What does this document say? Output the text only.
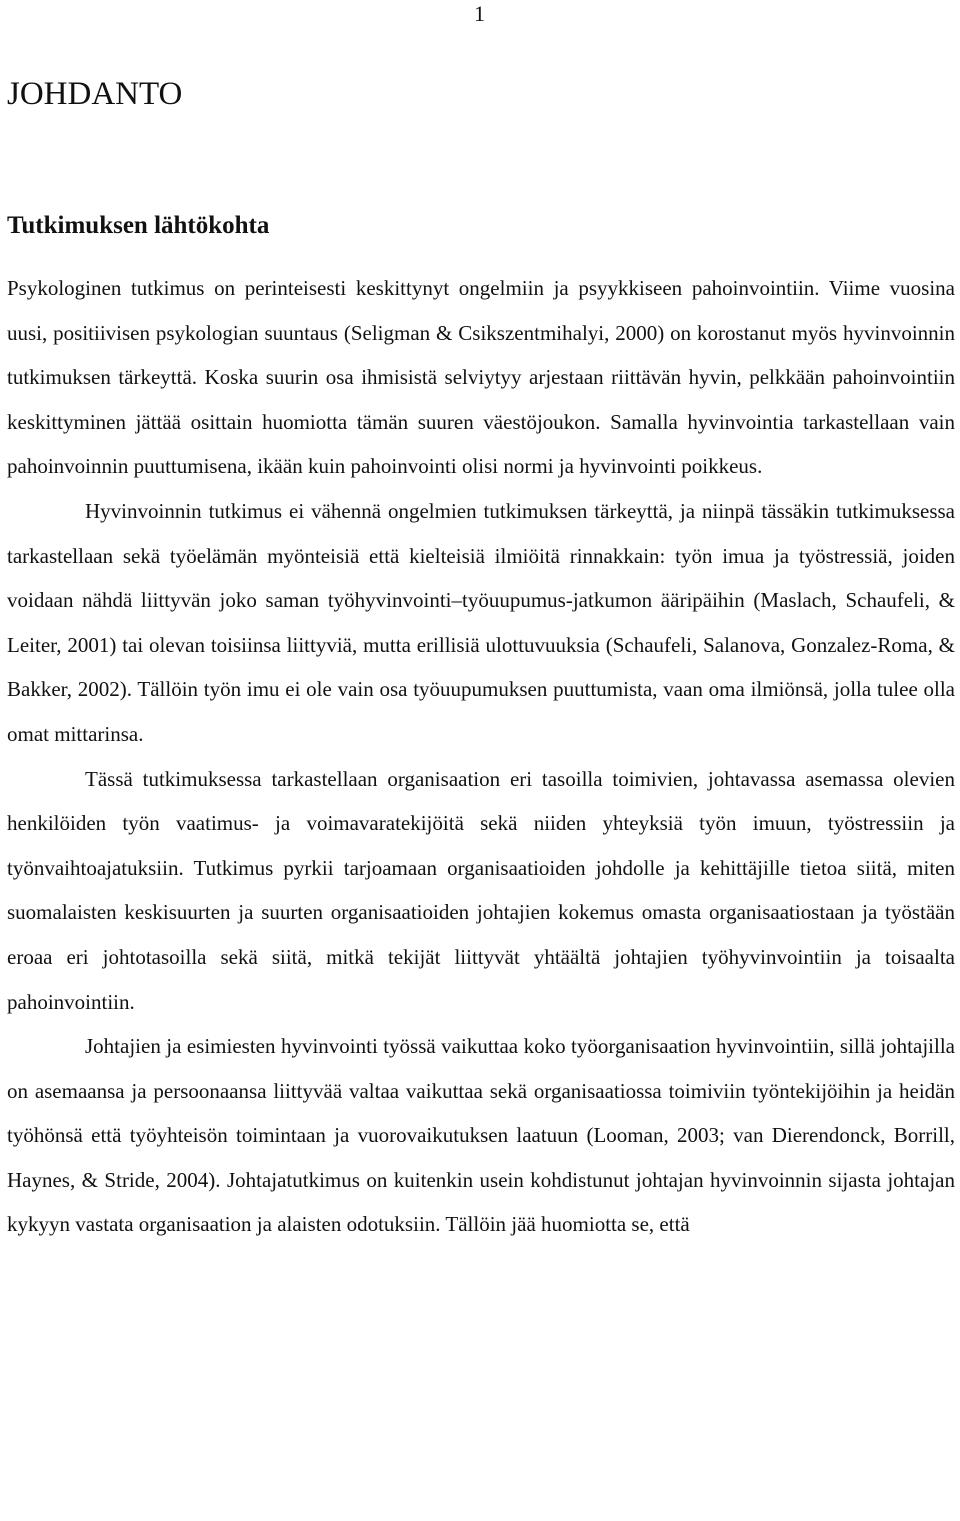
1
JOHDANTO
Tutkimuksen lähtökohta

Psykologinen tutkimus on perinteisesti keskittynyt ongelmiin ja psyykkiseen pahoinvointiin. Viime vuosina uusi, positiivisen psykologian suuntaus (Seligman & Csikszentmihalyi, 2000) on korostanut myös hyvinvoinnin tutkimuksen tärkeyttä. Koska suurin osa ihmisistä selviytyy arjestaan riittävän hyvin, pelkkään pahoinvointiin keskittyminen jättää osittain huomiotta tämän suuren väestöjoukon. Samalla hyvinvointia tarkastellaan vain pahoinvoinnin puuttumisena, ikään kuin pahoinvointi olisi normi ja hyvinvointi poikkeus.

Hyvinvoinnin tutkimus ei vähennä ongelmien tutkimuksen tärkeyttä, ja niinpä tässäkin tutkimuksessa tarkastellaan sekä työelämän myönteisiä että kielteisiä ilmiöitä rinnakkain: työn imua ja työstressiä, joiden voidaan nähdä liittyvän joko saman työhyvinvointi–työuupumus-jatkumon ääripäihin (Maslach, Schaufeli, & Leiter, 2001) tai olevan toisiinsa liittyviä, mutta erillisiä ulottuvuuksia (Schaufeli, Salanova, Gonzalez-Roma, & Bakker, 2002). Tällöin työn imu ei ole vain osa työuupumuksen puuttumista, vaan oma ilmiönsä, jolla tulee olla omat mittarinsa.

Tässä tutkimuksessa tarkastellaan organisaation eri tasoilla toimivien, johtavassa asemassa olevien henkilöiden työn vaatimus- ja voimavaratekijöitä sekä niiden yhteyksiä työn imuun, työstressiin ja työnvaihtoajatuksiin. Tutkimus pyrkii tarjoamaan organisaatioiden johdolle ja kehittäjille tietoa siitä, miten suomalaisten keskisuurten ja suurten organisaatioiden johtajien kokemus omasta organisaatiostaan ja työstään eroaa eri johtotasoilla sekä siitä, mitkä tekijät liittyvät yhtäältä johtajien työhyvinvointiin ja toisaalta pahoinvointiin.

Johtajien ja esimiesten hyvinvointi työssä vaikuttaa koko työorganisaation hyvinvointiin, sillä johtajilla on asemaansa ja persoonaansa liittyvää valtaa vaikuttaa sekä organisaatiossa toimiviin työntekijöihin ja heidän työhönsä että työyhteisön toimintaan ja vuorovaikutuksen laatuun (Looman, 2003; van Dierendonck, Borrill, Haynes, & Stride, 2004). Johtajatutkimus on kuitenkin usein kohdistunut johtajan hyvinvoinnin sijasta johtajan kykyyn vastata organisaation ja alaisten odotuksiin. Tällöin jää huomiotta se, että
